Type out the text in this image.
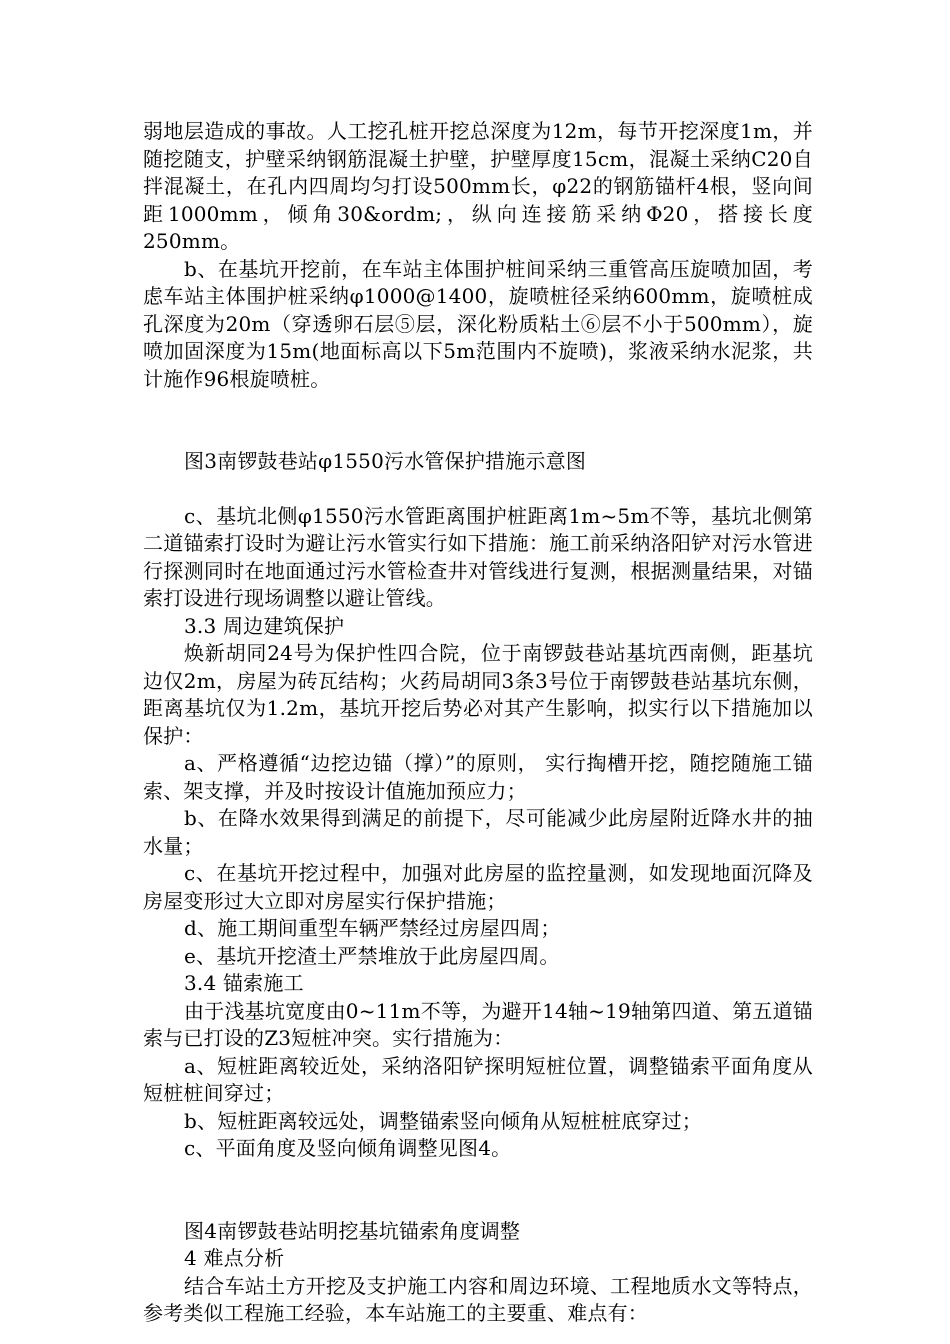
弱地层造成的事故。人工挖孔桩开挖总深度为12m，每节开挖深度1m，并随挖随支，护壁采纳钢筋混凝土护壁，护壁厚度15cm，混凝土采纳C20自拌混凝土，在孔内四周均匀打设500mm长，φ22的钢筋锚杆4根，竖向间距1000mm，倾角30&ordm;，纵向连接筋采纳Φ20，搭接长度250mm。

b、在基坑开挖前，在车站主体围护桩间采纳三重管高压旋喷加固，考虑车站主体围护桩采纳φ1000@1400，旋喷桩径采纳600mm，旋喷桩成孔深度为20m（穿透卵石层⑤层，深化粉质粘土⑥层不小于500mm），旋喷加固深度为15m(地面标高以下5m范围内不旋喷)，浆液采纳水泥浆，共计施作96根旋喷桩。

图3南锣鼓巷站φ1550污水管保护措施示意图

c、基坑北侧φ1550污水管距离围护桩距离1m~5m不等，基坑北侧第二道锚索打设时为避让污水管实行如下措施：施工前采纳洛阳铲对污水管进行探测同时在地面通过污水管检查井对管线进行复测，根据测量结果，对锚索打设进行现场调整以避让管线。

3.3 周边建筑保护

焕新胡同24号为保护性四合院，位于南锣鼓巷站基坑西南侧，距基坑边仅2m，房屋为砖瓦结构；火药局胡同3条3号位于南锣鼓巷站基坑东侧，距离基坑仅为1.2m，基坑开挖后势必对其产生影响，拟实行以下措施加以保护：

a、严格遵循“边挖边锚（撑）”的原则， 实行掏槽开挖，随挖随施工锚索、架支撑，并及时按设计值施加预应力；

b、在降水效果得到满足的前提下，尽可能减少此房屋附近降水井的抽水量；

c、在基坑开挖过程中，加强对此房屋的监控量测，如发现地面沉降及房屋变形过大立即对房屋实行保护措施；

d、施工期间重型车辆严禁经过房屋四周；

e、基坑开挖渣土严禁堆放于此房屋四周。

3.4 锚索施工

由于浅基坑宽度由0~11m不等，为避开14轴~19轴第四道、第五道锚索与已打设的Z3短桩冲突。实行措施为：

a、短桩距离较近处，采纳洛阳铲探明短桩位置，调整锚索平面角度从短桩桩间穿过；

b、短桩距离较远处，调整锚索竖向倾角从短桩桩底穿过；

c、平面角度及竖向倾角调整见图4。

图4南锣鼓巷站明挖基坑锚索角度调整

4 难点分析

结合车站土方开挖及支护施工内容和周边环境、工程地质水文等特点，参考类似工程施工经验，本车站施工的主要重、难点有：
